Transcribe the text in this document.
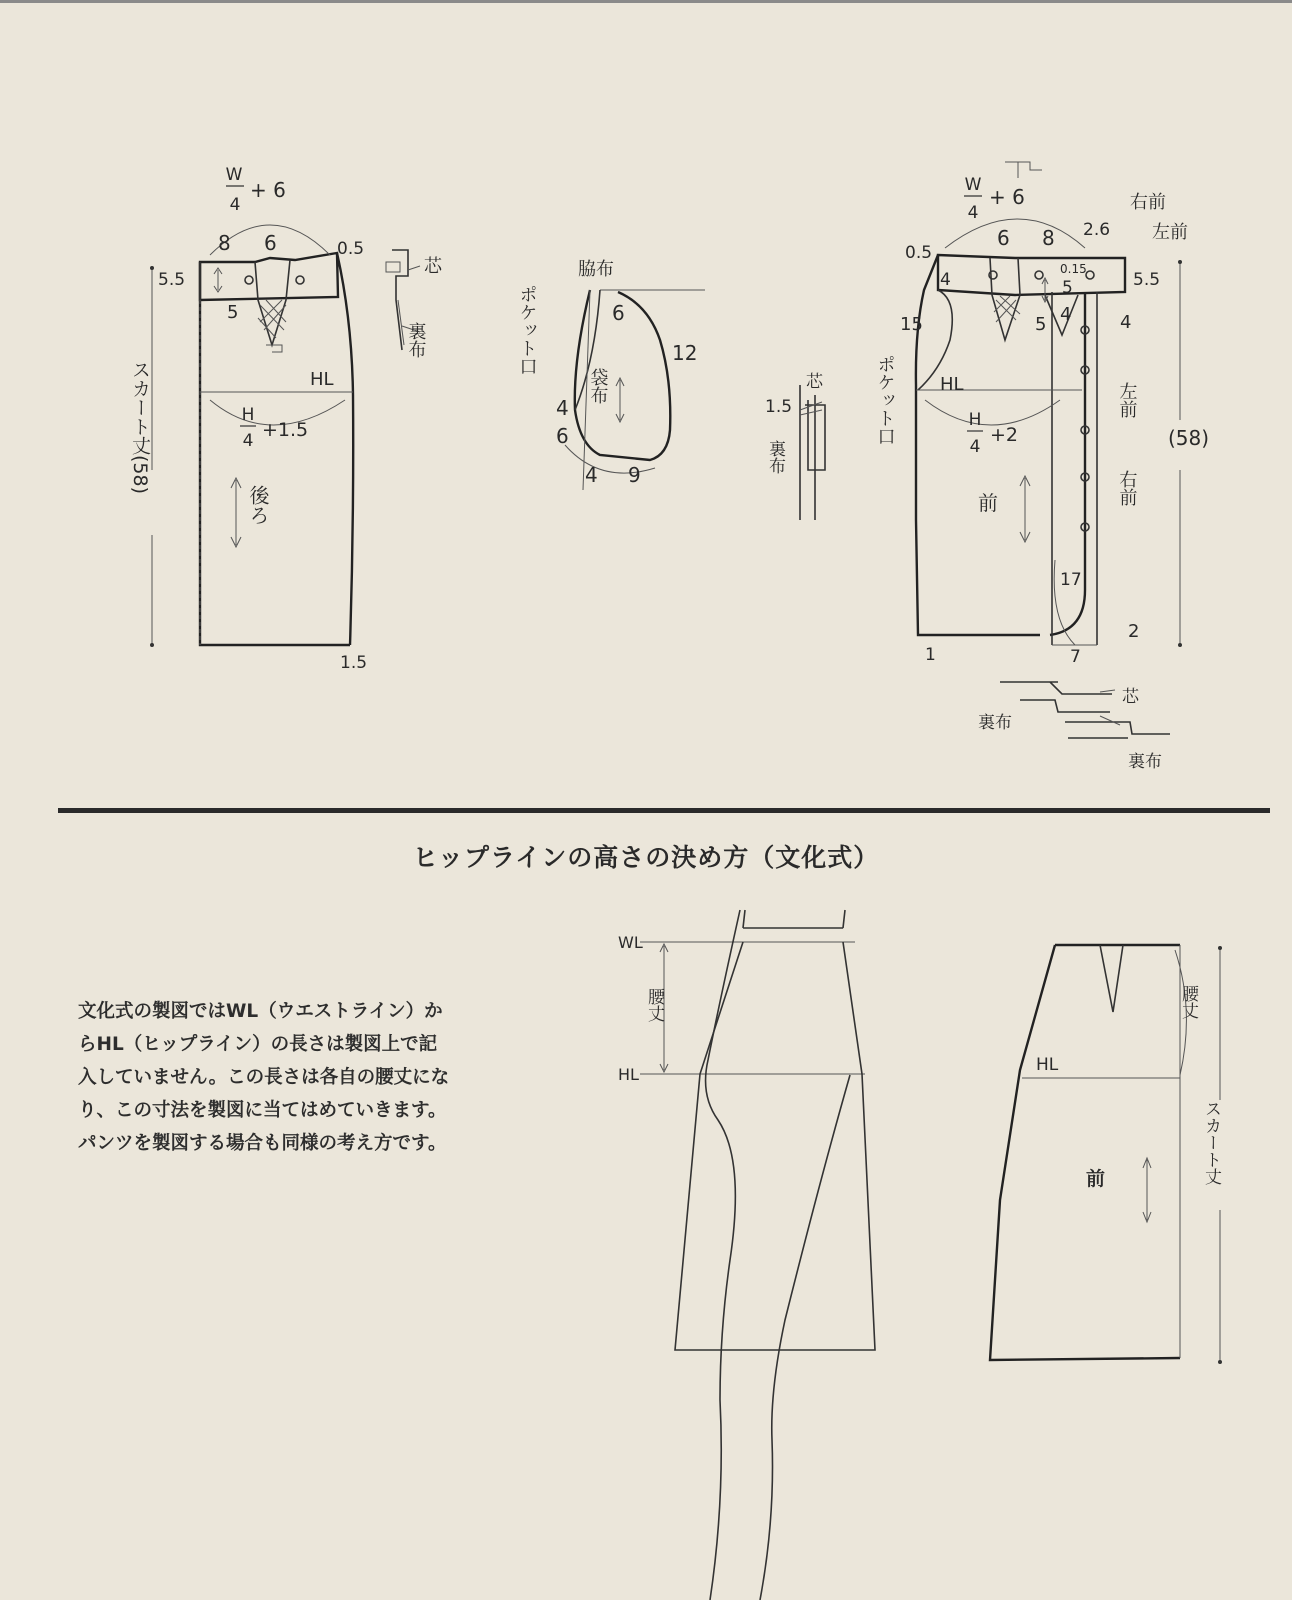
W
4
+ 6
8 6	0.5
5.5
5
HL
H
4 +1.5
スカート丈(58)
後ろ
1.5
芯
裏布
脇布
ポケット口
袋布
6
12
4
6
4 9
芯
1.5
裏布
W
4
+ 6	右前
左前
0.5
6 8 2.6
5.5
4
0.15
5
15	5 4	4
ポケット口 HL
H
4
+2
左前
右前
(58)
前
17
1	7
2
芯
裏布
裏布
WL
HL
腰丈	腰丈
HL
前	スカート丈
ヒップラインの高さの決め方（文化式）

文化式の製図ではWL（ウエストライン）か

らHL（ヒップライン）の長さは製図上で記

入していません。この長さは各自の腰丈にな

り、この寸法を製図に当てはめていきます。

パンツを製図する場合も同様の考え方です。
